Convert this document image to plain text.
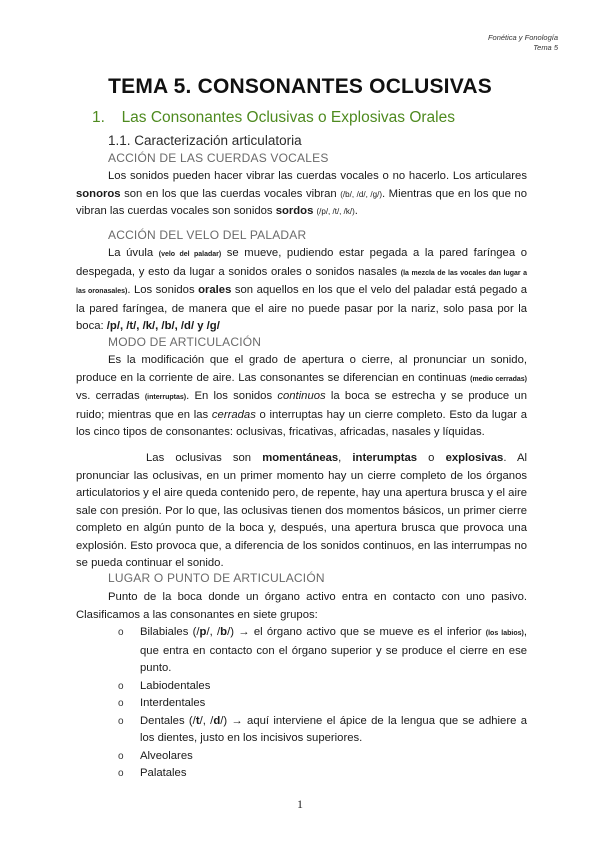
Fonética y Fonología
Tema 5
TEMA 5. CONSONANTES OCLUSIVAS
1. Las Consonantes Oclusivas o Explosivas Orales
1.1. Caracterización articulatoria
ACCIÓN DE LAS CUERDAS VOCALES
Los sonidos pueden hacer vibrar las cuerdas vocales o no hacerlo. Los articulares sonoros son en los que las cuerdas vocales vibran (/b/, /d/, /g/). Mientras que en los que no vibran las cuerdas vocales son sonidos sordos (/p/, /t/, /k/).
ACCIÓN DEL VELO DEL PALADAR
La úvula (velo del paladar) se mueve, pudiendo estar pegada a la pared faríngea o despegada, y esto da lugar a sonidos orales o sonidos nasales (la mezcla de las vocales dan lugar a las oronasales). Los sonidos orales son aquellos en los que el velo del paladar está pegado a la pared faríngea, de manera que el aire no puede pasar por la nariz, solo pasa por la boca: /p/, /t/, /k/, /b/, /d/ y /g/
MODO DE ARTICULACIÓN
Es la modificación que el grado de apertura o cierre, al pronunciar un sonido, produce en la corriente de aire. Las consonantes se diferencian en continuas (medio cerradas) vs. cerradas (interruptas). En los sonidos continuos la boca se estrecha y se produce un ruido; mientras que en las cerradas o interruptas hay un cierre completo. Esto da lugar a los cinco tipos de consonantes: oclusivas, fricativas, africadas, nasales y líquidas.
Las oclusivas son momentáneas, interumptas o explosivas. Al pronunciar las oclusivas, en un primer momento hay un cierre completo de los órganos articulatorios y el aire queda contenido pero, de repente, hay una apertura brusca y el aire sale con presión. Por lo que, las oclusivas tienen dos momentos básicos, un primer cierre completo en algún punto de la boca y, después, una apertura brusca que provoca una explosión. Esto provoca que, a diferencia de los sonidos continuos, en las interrumpas no se pueda continuar el sonido.
LUGAR O PUNTO DE ARTICULACIÓN
Punto de la boca donde un órgano activo entra en contacto con uno pasivo. Clasificamos a las consonantes en siete grupos:
o Bilabiales (/p/, /b/) → el órgano activo que se mueve es el inferior (los labios), que entra en contacto con el órgano superior y se produce el cierre en ese punto.
o Labiodentales
o Interdentales
o Dentales (/t/, /d/) → aquí interviene el ápice de la lengua que se adhiere a los dientes, justo en los incisivos superiores.
o Alveolares
o Palatales
1
